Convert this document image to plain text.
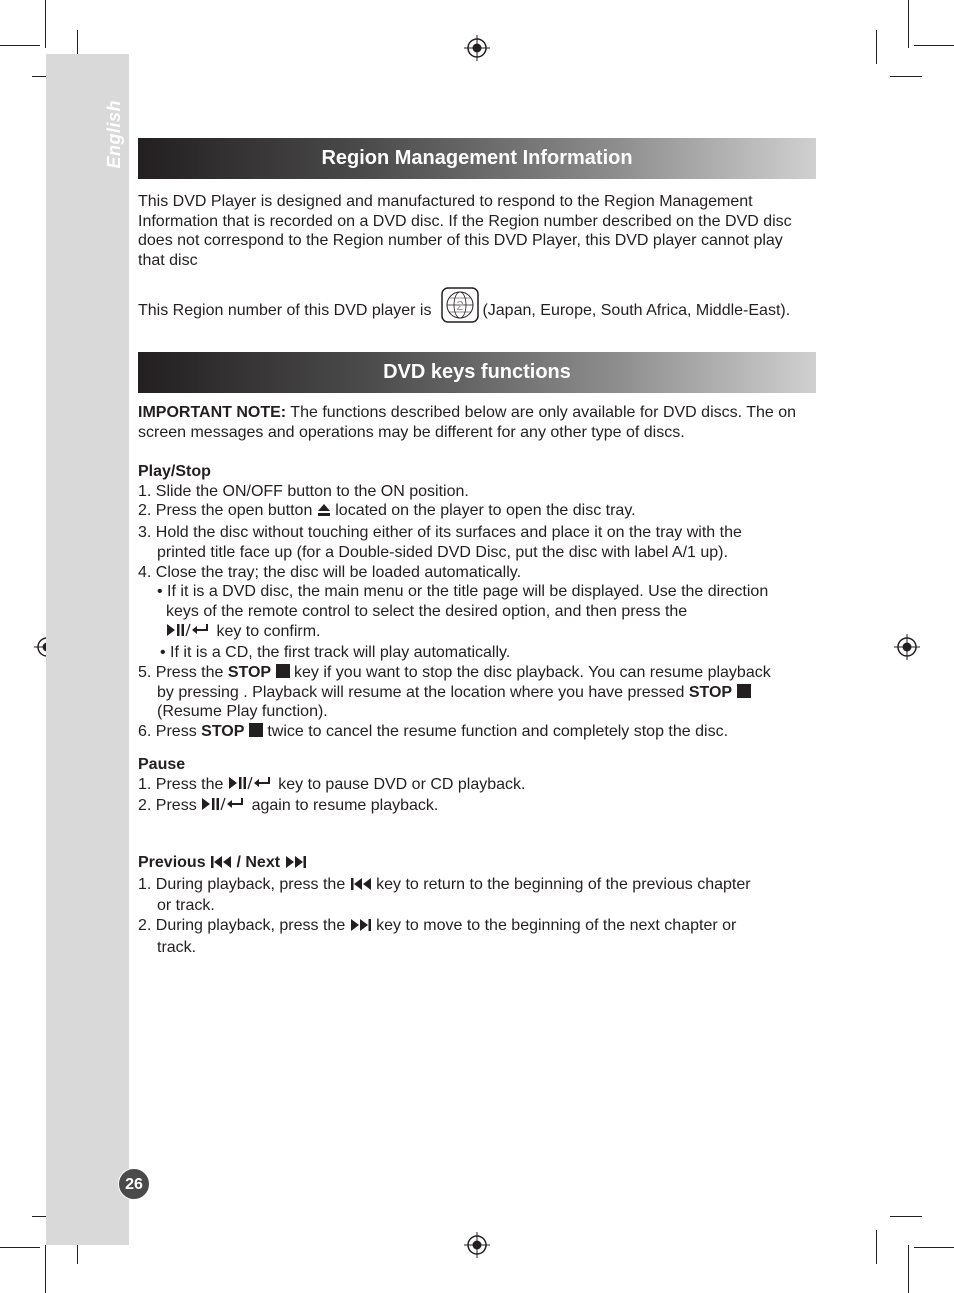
English
26
Region Management Information

This DVD Player is designed and manufactured to respond to the Region Management Information that is recorded on a DVD disc. If the Region number described on the DVD disc does not correspond to the Region number of this DVD Player, this DVD player cannot play that disc

This Region number of this DVD player is 2 (Japan, Europe, South Africa, Middle-East).
DVD keys functions

IMPORTANT NOTE: The functions described below are only available for DVD discs. The on screen messages and operations may be different for any other type of discs.

Play/Stop

1. Slide the ON/OFF button to the ON position.

2. Press the open button  located on the player to open the disc tray.

3. Hold the disc without touching either of its surfaces and place it on the tray with the

printed title face up (for a Double-sided DVD Disc, put the disc with label A/1 up).

4. Close the tray; the disc will be loaded automatically.

• If it is a DVD disc, the main menu or the title page will be displayed. Use the direction

keys of the remote control to select the desired option, and then press the

key to confirm.

• If it is a CD, the first track will play automatically.

5. Press the STOP  key if you want to stop the disc playback. You can resume playback

by pressing . Playback will resume at the location where you have pressed STOP

(Resume Play function).

6. Press STOP  twice to cancel the resume function and completely stop the disc.

Pause

1. Press the	key to pause DVD or CD playback.

2. Press	again to resume playback.

Previous  / Next

1. During playback, press the  key to return to the beginning of the previous chapter

or track.

2. During playback, press the  key to move to the beginning of the next chapter or

track.
